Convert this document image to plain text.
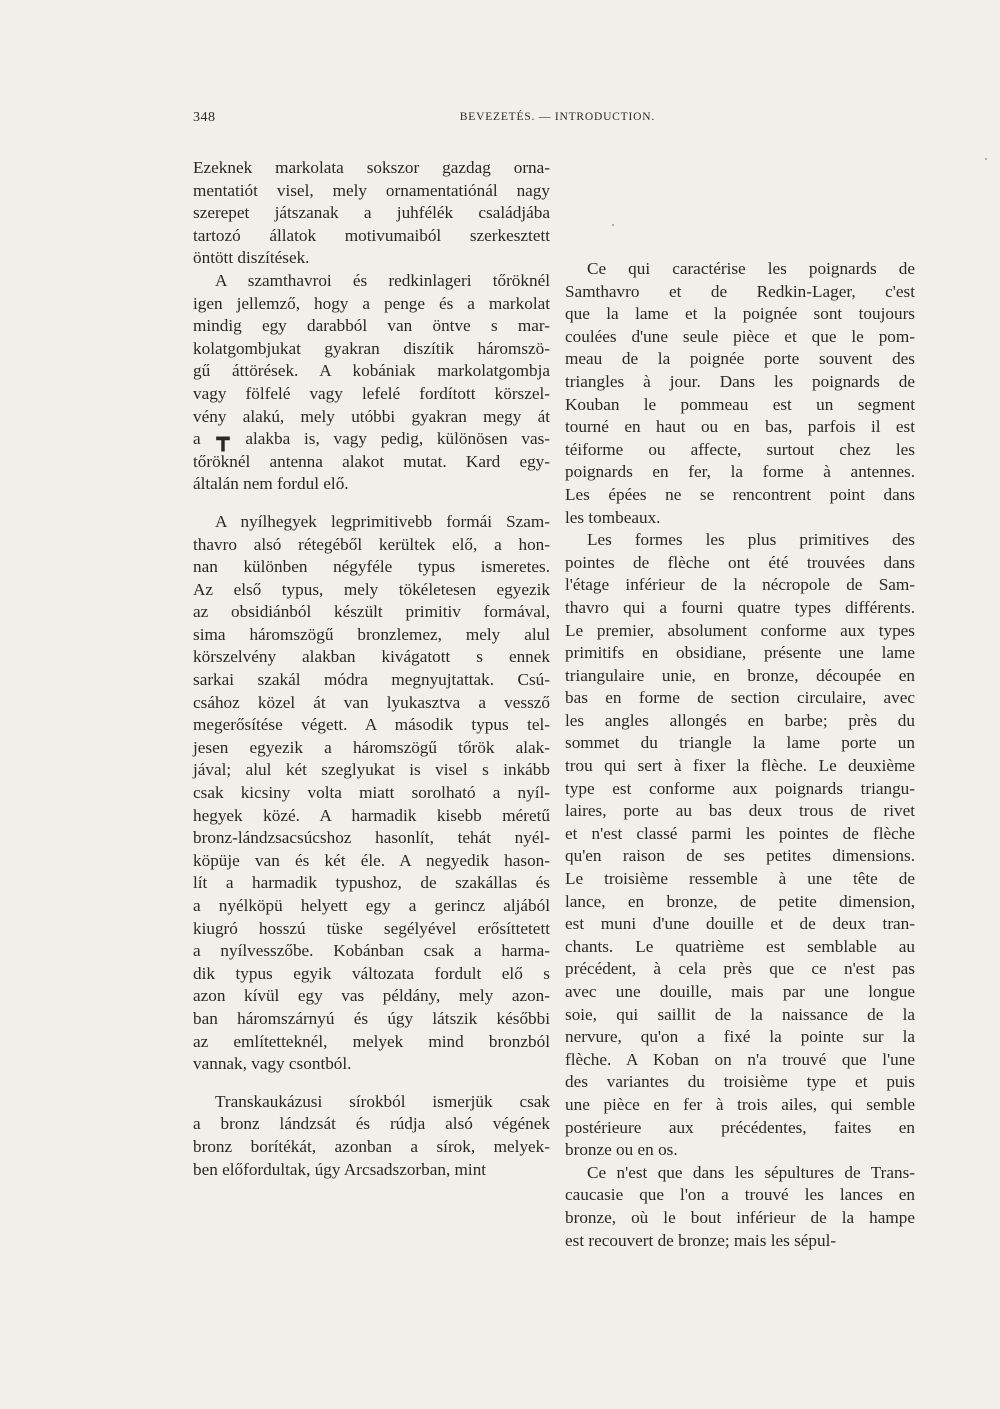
348	BEVEZETÉS. — INTRODUCTION.

Ezeknek markolata sokszor gazdag orna-

mentatiót visel, mely ornamentatiónál nagy

szerepet játszanak a juhfélék családjába

tartozó állatok motivumaiból szerkesztett

öntött diszítések.

A szamthavroi és redkinlageri tőröknél

igen jellemző, hogy a penge és a markolat

mindig egy darabból van öntve s mar-

kolatgombjukat gyakran diszítik háromszö-

gű áttörések. A kobániak markolatgombja

vagy fölfelé vagy lefelé fordított körszel-

vény alakú, mely utóbbi gyakran megy át

a ┳ alakba is, vagy pedig, különösen vas-

tőröknél antenna alakot mutat. Kard egy-

általán nem fordul elő.

A nyílhegyek legprimitivebb formái Szam-

thavro alsó rétegéből kerültek elő, a hon-

nan különben négyféle typus ismeretes.

Az első typus, mely tökéletesen egyezik

az obsidiánból készült primitiv formával,

sima háromszögű bronzlemez, mely alul

körszelvény alakban kivágatott s ennek

sarkai szakál módra megnyujtattak. Csú-

csához közel át van lyukasztva a vessző

megerősítése végett. A második typus tel-

jesen egyezik a háromszögű tőrök alak-

jával; alul két szeglyukat is visel s inkább

csak kicsiny volta miatt sorolható a nyíl-

hegyek közé. A harmadik kisebb méretű

bronz-lándzsacsúcshoz hasonlít, tehát nyél-

köpüje van és két éle. A negyedik hason-

lít a harmadik typushoz, de szakállas és

a nyélköpü helyett egy a gerincz aljából

kiugró hosszú tüske segélyével erősíttetett

a nyílvesszőbe. Kobánban csak a harma-

dik typus egyik változata fordult elő s

azon kívül egy vas példány, mely azon-

ban háromszárnyú és úgy látszik későbbi

az említetteknél, melyek mind bronzból

vannak, vagy csontból.

Transkaukázusi sírokból ismerjük csak

a bronz lándzsát és rúdja alsó végének

bronz borítékát, azonban a sírok, melyek-

ben előfordultak, úgy Arcsadszorban, mint

Ce qui caractérise les poignards de

Samthavro et de Redkin-Lager, c'est

que la lame et la poignée sont toujours

coulées d'une seule pièce et que le pom-

meau de la poignée porte souvent des

triangles à jour. Dans les poignards de

Kouban le pommeau est un segment

tourné en haut ou en bas, parfois il est

téiforme ou affecte, surtout chez les

poignards en fer, la forme à antennes.

Les épées ne se rencontrent point dans

les tombeaux.

Les formes les plus primitives des

pointes de flèche ont été trouvées dans

l'étage inférieur de la nécropole de Sam-

thavro qui a fourni quatre types différents.

Le premier, absolument conforme aux types

primitifs en obsidiane, présente une lame

triangulaire unie, en bronze, découpée en

bas en forme de section circulaire, avec

les angles allongés en barbe; près du

sommet du triangle la lame porte un

trou qui sert à fixer la flèche. Le deuxième

type est conforme aux poignards triangu-

laires, porte au bas deux trous de rivet

et n'est classé parmi les pointes de flèche

qu'en raison de ses petites dimensions.

Le troisième ressemble à une tête de

lance, en bronze, de petite dimension,

est muni d'une douille et de deux tran-

chants. Le quatrième est semblable au

précédent, à cela près que ce n'est pas

avec une douille, mais par une longue

soie, qui saillit de la naissance de la

nervure, qu'on a fixé la pointe sur la

flèche. A Koban on n'a trouvé que l'une

des variantes du troisième type et puis

une pièce en fer à trois ailes, qui semble

postérieure aux précédentes, faites en

bronze ou en os.

Ce n'est que dans les sépultures de Trans-

caucasie que l'on a trouvé les lances en

bronze, où le bout inférieur de la hampe

est recouvert de bronze; mais les sépul-
